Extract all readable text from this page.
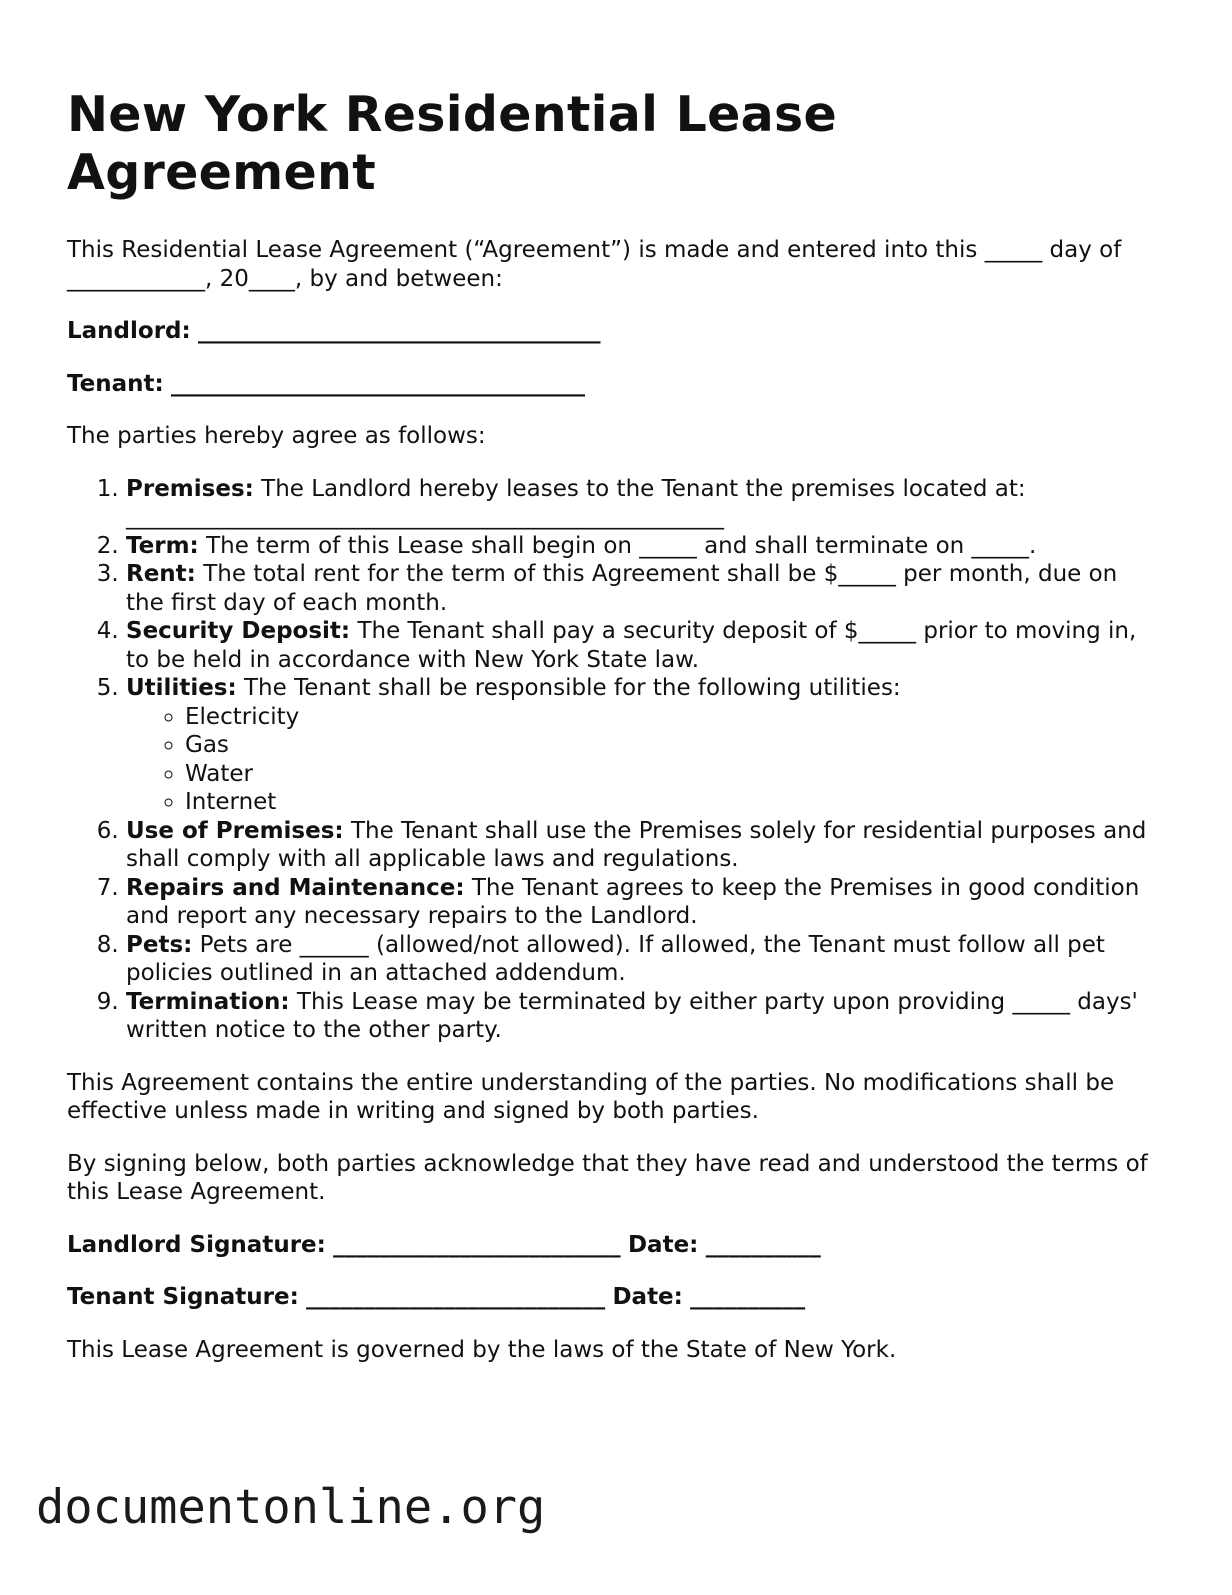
New York Residential Lease Agreement

This Residential Lease Agreement (“Agreement”) is made and entered into this _____ day of ____________, 20____, by and between:

Landlord: ___________________________________

Tenant: ____________________________________

The parties hereby agree as follows:

1. Premises: The Landlord hereby leases to the Tenant the premises located at: ____________________________________________________
2. Term: The term of this Lease shall begin on _____ and shall terminate on _____.
3. Rent: The total rent for the term of this Agreement shall be $_____ per month, due on the first day of each month.
4. Security Deposit: The Tenant shall pay a security deposit of $_____ prior to moving in, to be held in accordance with New York State law.
5. Utilities: The Tenant shall be responsible for the following utilities:
◦ Electricity
◦ Gas
◦ Water
◦ Internet
6. Use of Premises: The Tenant shall use the Premises solely for residential purposes and shall comply with all applicable laws and regulations.
7. Repairs and Maintenance: The Tenant agrees to keep the Premises in good condition and report any necessary repairs to the Landlord.
8. Pets: Pets are ______ (allowed/not allowed). If allowed, the Tenant must follow all pet policies outlined in an attached addendum.
9. Termination: This Lease may be terminated by either party upon providing _____ days' written notice to the other party.

This Agreement contains the entire understanding of the parties. No modifications shall be effective unless made in writing and signed by both parties.

By signing below, both parties acknowledge that they have read and understood the terms of this Lease Agreement.

Landlord Signature: _________________________ Date: __________

Tenant Signature: __________________________ Date: __________

This Lease Agreement is governed by the laws of the State of New York.

documentonline.org
